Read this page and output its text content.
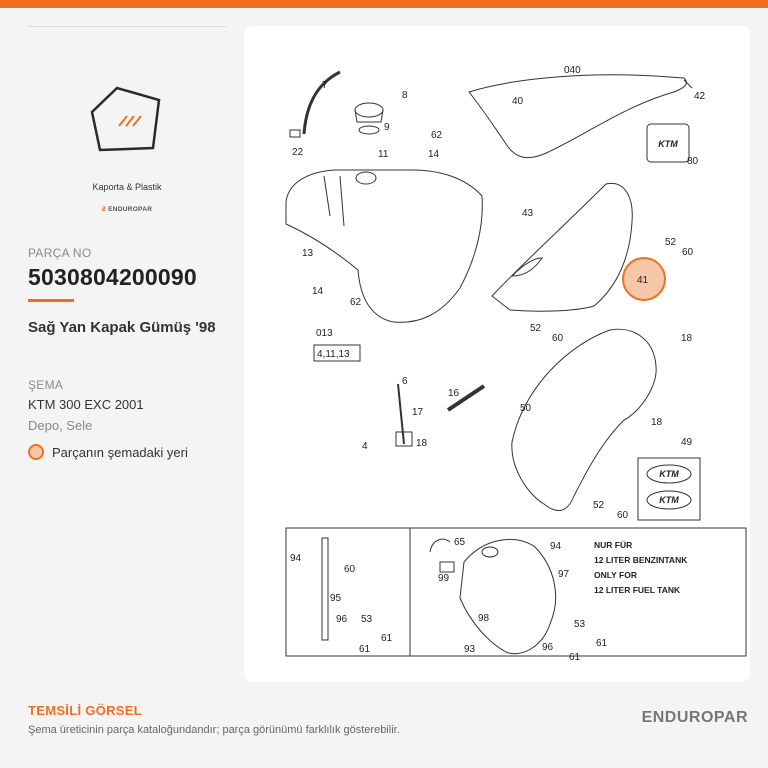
Kaporta & Plastik
Ƶ ENDUROPAR
PARÇA NO
5030804200090
Sağ Yan Kapak Gümüş '98
ŞEMA
KTM 300 EXC 2001
Depo, Sele
Parçanın şemadaki yeri
7
8
9
22	11
62
14
040
40	42
80
13
43
52
60
41
14
62
013
4,11,13
52
60	18
6
16
17
4	18
50
18
49
52
60
94
60
95
96 53
61
61
65
99
94
97
98
93
53
96	61
61
NUR FÜR
12 LITER BENZINTANK
ONLY FOR
12 LITER FUEL TANK
KTM
KTM
KTM
TEMSİLİ GÖRSEL
Şema üreticinin parça kataloğundandır; parça görünümü farklılık gösterebilir.
ENDUROPAR
